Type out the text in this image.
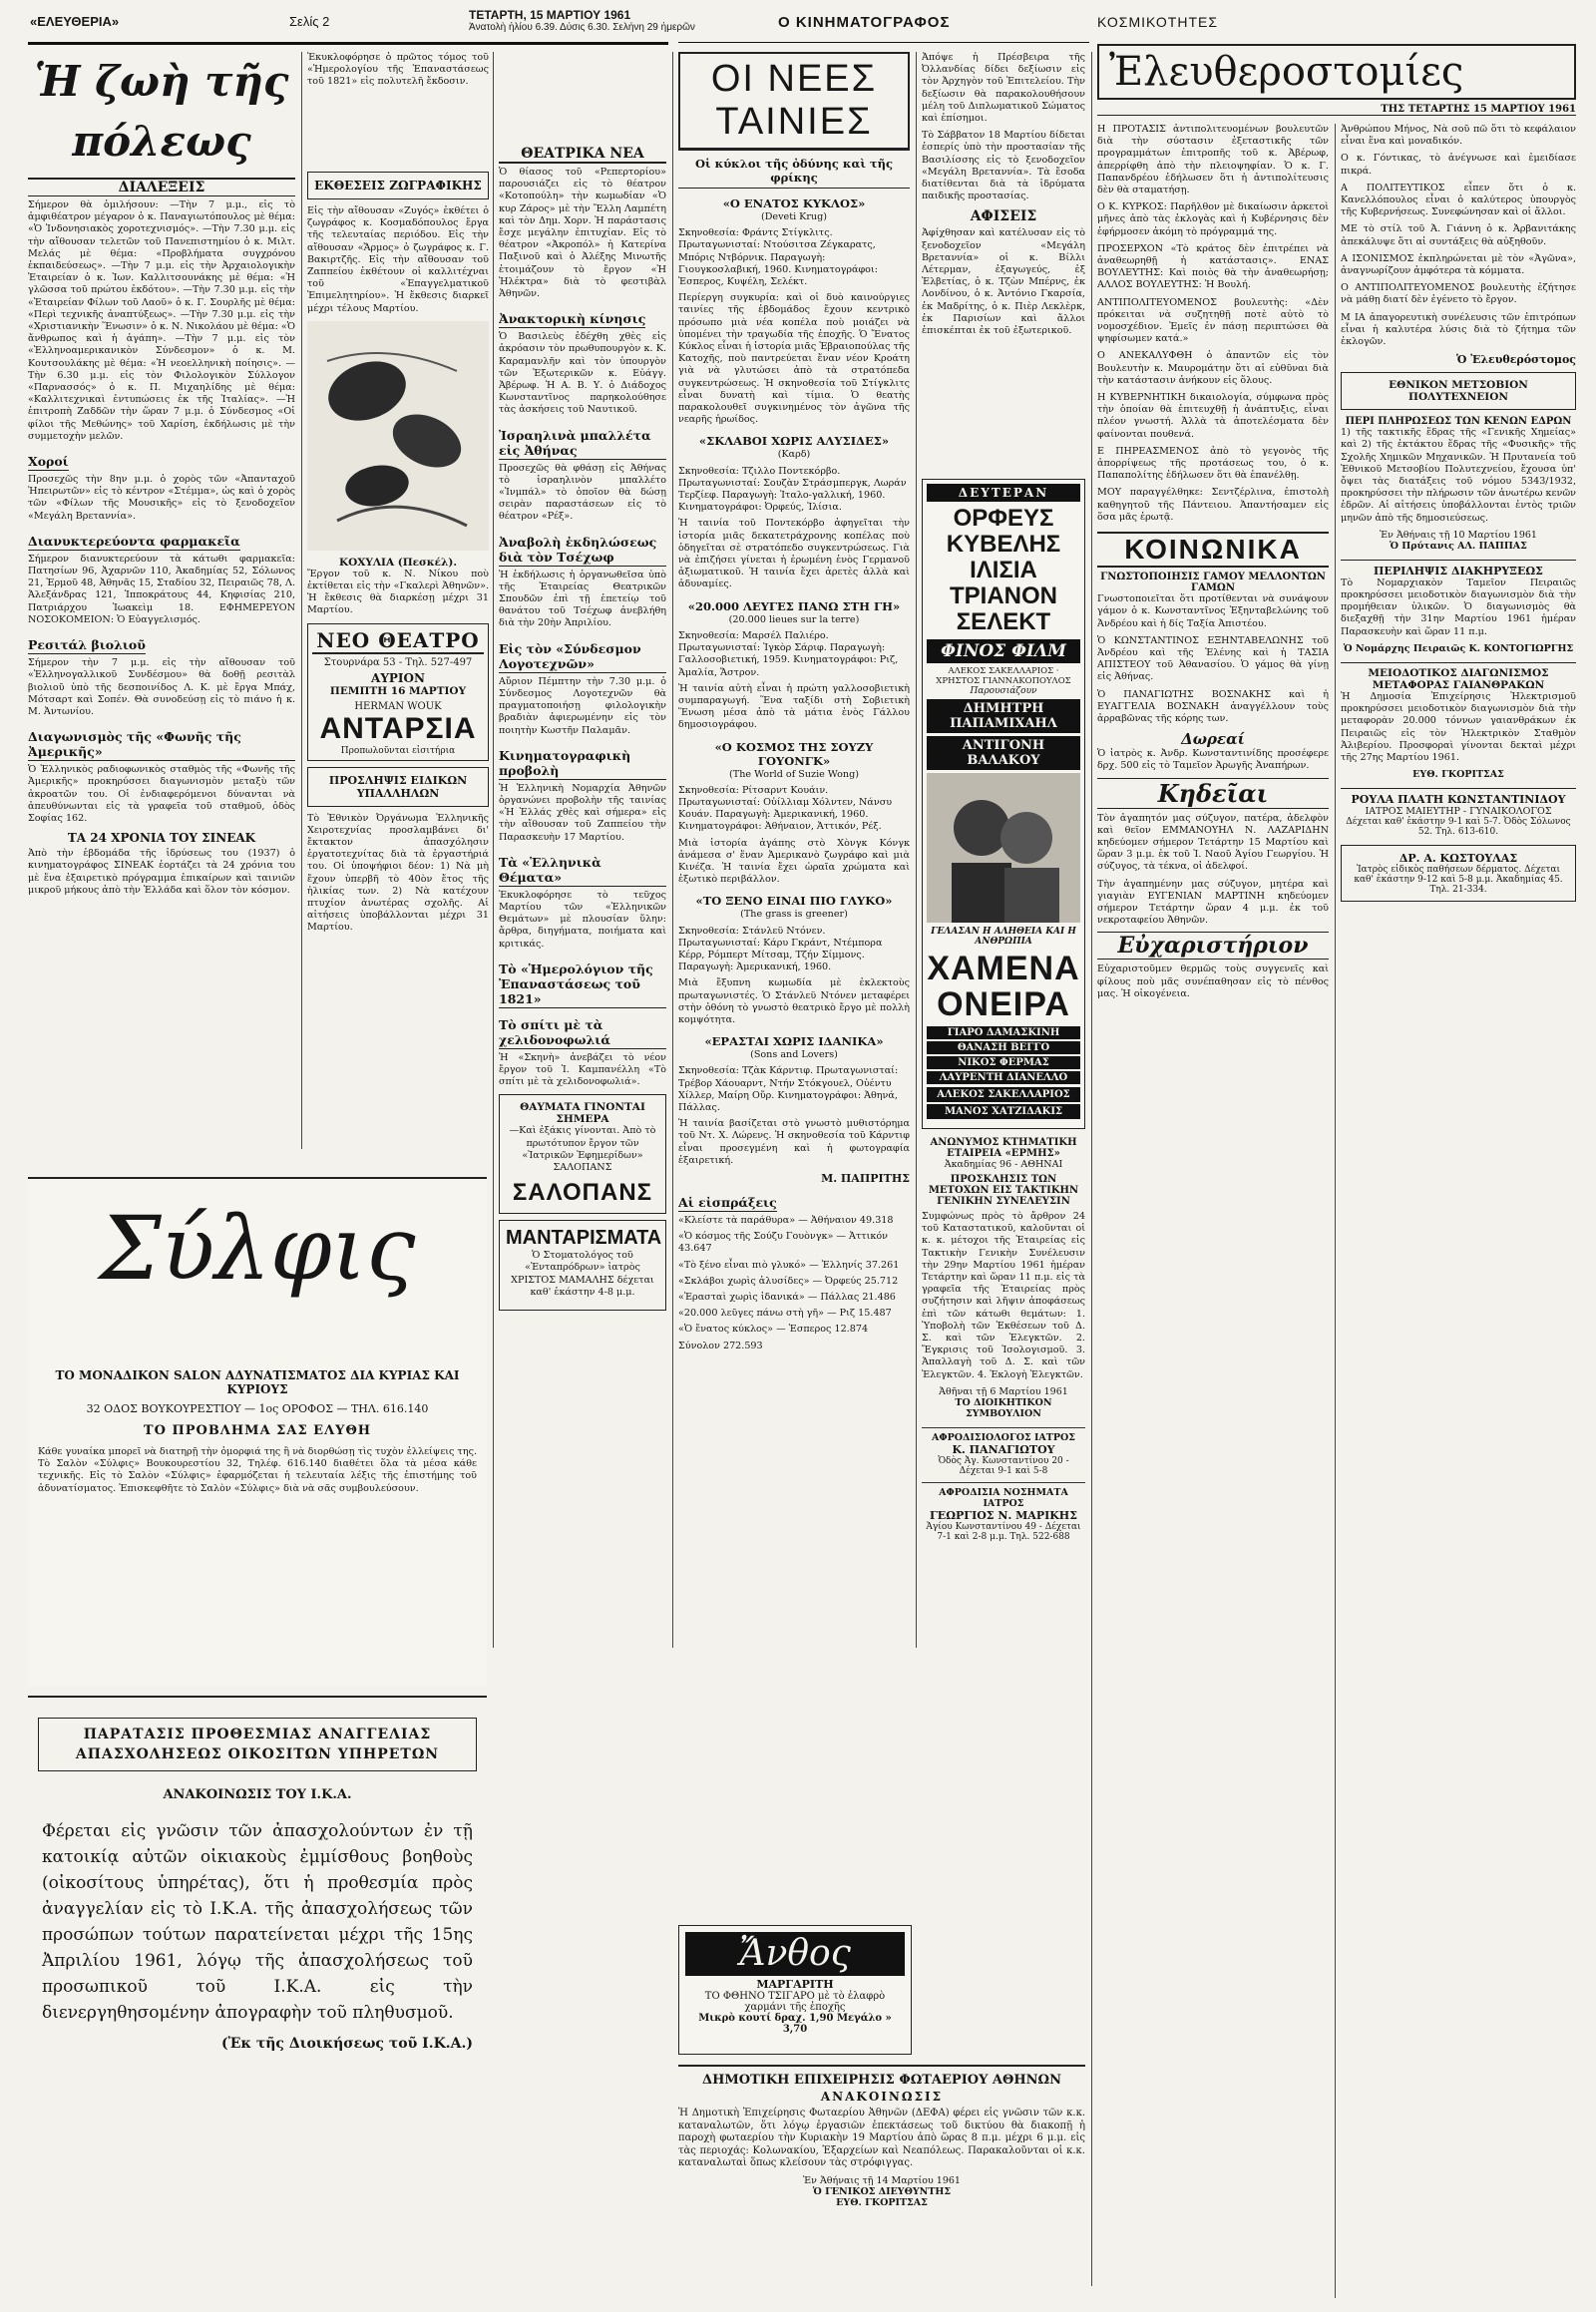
«ΕΛΕΥΘΕΡΙΑ»	Σελίς 2	ΤΕΤΑΡΤΗ, 15 ΜΑΡΤΙΟΥ 1961
Ἀνατολὴ ἡλίου 6.39. Δύσις 6.30. Σελήνη 29 ἡμερῶν	Ο ΚΙΝΗΜΑΤΟΓΡΑΦΟΣ	ΚΟΣΜΙΚΟΤΗΤΕΣ
Ἡ ζωὴ τῆς πόλεως
ΔΙΑΛΕΞΕΙΣ

Σήμερον θὰ ὁμιλήσουν: —Τὴν 7 μ.μ., εἰς τὸ ἀμφιθέατρον μέγαρον ὁ κ. Παναγιωτόπουλος μὲ θέμα: «Ὁ Ἰνδονησιακὸς χοροτεχνισμός». —Τὴν 7.30 μ.μ. εἰς τὴν αἴθουσαν τελετῶν τοῦ Πανεπιστημίου ὁ κ. Μιλτ. Μελάς μὲ θέμα: «Προβλήματα συγχρόνου ἐκπαιδεύσεως». —Τὴν 7 μ.μ. εἰς τὴν Ἀρχαιολογικὴν Ἑταιρείαν ὁ κ. Ἰων. Καλλιτσουνάκης μὲ θέμα: «Ἡ γλῶσσα τοῦ πρώτου ἐκδότου». —Τὴν 7.30 μ.μ. εἰς τὴν «Ἑταιρείαν Φίλων τοῦ Λαοῦ» ὁ κ. Γ. Σουρλῆς μὲ θέμα: «Περὶ τεχνικῆς ἀναπτύξεως». —Τὴν 7.30 μ.μ. εἰς τὴν «Χριστιανικὴν Ἕνωσιν» ὁ κ. Ν. Νικολάου μὲ θέμα: «Ὁ ἄνθρωπος καὶ ἡ ἀγάπη». —Τὴν 7 μ.μ. εἰς τὸν «Ἑλληνοαμερικανικὸν Σύνδεσμον» ὁ κ. Μ. Κουτσουλάκης μὲ θέμα: «Ἡ νεοελληνικὴ ποίησις». —Τὴν 6.30 μ.μ. εἰς τὸν Φιλολογικὸν Σύλλογον «Παρνασσός» ὁ κ. Π. Μιχαηλίδης μὲ θέμα: «Καλλιτεχνικαὶ ἐντυπώσεις ἐκ τῆς Ἰταλίας». —Ἡ ἐπιτροπὴ Ζαδδῶν τὴν ὥραν 7 μ.μ. ὁ Σύνδεσμος «Οἱ φίλοι τῆς Μεθώνης» τοῦ Χαρίση, ἐκδήλωσις μὲ τὴν συμμετοχὴν μελῶν.

Χοροί

Προσεχῶς τὴν 8ην μ.μ. ὁ χορὸς τῶν «Ἀπανταχοῦ Ἠπειρωτῶν» εἰς τὸ κέντρον «Στέμμα», ὡς καὶ ὁ χορὸς τῶν «Φίλων τῆς Μουσικῆς» εἰς τὸ ξενοδοχεῖον «Μεγάλη Βρεταννία».

Διανυκτερεύοντα φαρμακεῖα

Σήμερον διανυκτερεύουν τὰ κάτωθι φαρμακεῖα: Πατησίων 96, Ἀχαρνῶν 110, Ἀκαδημίας 52, Σόλωνος 21, Ἑρμοῦ 48, Ἀθηνᾶς 15, Σταδίου 32, Πειραιῶς 78, Λ. Ἀλεξάνδρας 121, Ἰπποκράτους 44, Κηφισίας 210, Πατριάρχου Ἰωακεὶμ 18. ΕΦΗΜΕΡΕΥΟΝ ΝΟΣΟΚΟΜΕΙΟΝ: Ὁ Εὐαγγελισμός.

Ρεσιτάλ βιολιοῦ

Σήμερον τὴν 7 μ.μ. εἰς τὴν αἴθουσαν τοῦ «Ἑλληνογαλλικοῦ Συνδέσμου» θὰ δοθῇ ρεσιτὰλ βιολιοῦ ὑπὸ τῆς δεσποινίδος Λ. Κ. μὲ ἔργα Μπάχ, Μότσαρτ καὶ Σοπέν. Θὰ συνοδεύσῃ εἰς τὸ πιάνο ἡ κ. Μ. Ἀντωνίου.

Διαγωνισμὸς τῆς «Φωνῆς τῆς Ἀμερικῆς»

Ὁ Ἑλληνικὸς ραδιοφωνικὸς σταθμὸς τῆς «Φωνῆς τῆς Ἀμερικῆς» προκηρύσσει διαγωνισμὸν μεταξὺ τῶν ἀκροατῶν του. Οἱ ἐνδιαφερόμενοι δύνανται νὰ ἀπευθύνωνται εἰς τὰ γραφεῖα τοῦ σταθμοῦ, ὁδὸς Σοφίας 162.

ΤΑ 24 ΧΡΟΝΙΑ ΤΟΥ ΣΙΝΕΑΚ

Ἀπὸ τὴν ἑβδομάδα τῆς ἱδρύσεως του (1937) ὁ κινηματογράφος ΣΙΝΕΑΚ ἑορτάζει τὰ 24 χρόνια του μὲ ἕνα ἐξαιρετικὸ πρόγραμμα ἐπικαίρων καὶ ταινιῶν μικροῦ μήκους ἀπὸ τὴν Ἑλλάδα καὶ ὅλον τὸν κόσμον.

ΕΚΘΕΣΕΙΣ ΖΩΓΡΑΦΙΚΗΣ

Εἰς τὴν αἴθουσαν «Ζυγός» ἐκθέτει ὁ ζωγράφος κ. Κοσμαδόπουλος ἔργα τῆς τελευταίας περιόδου. Εἰς τὴν αἴθουσαν «Ἄρμος» ὁ ζωγράφος κ. Γ. Βακιρτζῆς. Εἰς τὴν αἴθουσαν τοῦ Ζαππείου ἐκθέτουν οἱ καλλιτέχναι τοῦ «Ἐπαγγελματικοῦ Ἐπιμελητηρίου». Ἡ ἔκθεσις διαρκεῖ μέχρι τέλους Μαρτίου.

ΚΟΧΥΛΙΑ (Πεσκέλ).

Ἔργον τοῦ κ. Ν. Νίκου ποὺ ἐκτίθεται εἰς τὴν «Γκαλερὶ Ἀθηνῶν». Ἡ ἔκθεσις θὰ διαρκέσῃ μέχρι 31 Μαρτίου.

ΝΕΟ ΘΕΑΤΡΟ
Στουρνάρα 53 - Τηλ. 527-497
ΑΥΡΙΟΝ
ΠΕΜΠΤΗ 16 ΜΑΡΤΙΟΥ
HERMAN WOUK
ΑΝΤΑΡΣΙΑ
Προπωλοῦνται εἰσιτήρια
ΠΡΟΣΛΗΨΙΣ ΕΙΔΙΚΩΝ ΥΠΑΛΛΗΛΩΝ

Τὸ Ἐθνικὸν Ὀργάνωμα Ἑλληνικῆς Χειροτεχνίας προσλαμβάνει δι' ἔκτακτον ἀπασχόλησιν ἐργατοτεχνίτας διὰ τὰ ἐργαστήριά του. Οἱ ὑποψήφιοι δέον: 1) Νὰ μὴ ἔχουν ὑπερβῆ τὸ 40ὸν ἔτος τῆς ἡλικίας των. 2) Νὰ κατέχουν πτυχίον ἀνωτέρας σχολῆς. Αἱ αἰτήσεις ὑποβάλλονται μέχρι 31 Μαρτίου.

Ἐκυκλοφόρησε ὁ πρῶτος τόμος τοῦ «Ἡμερολογίου τῆς Ἐπαναστάσεως τοῦ 1821» εἰς πολυτελῆ ἔκδοσιν.

ΘΕΑΤΡΙΚΑ ΝΕΑ

Ὁ θίασος τοῦ «Ρεπερτορίου» παρουσιάζει εἰς τὸ θέατρον «Κοτοπούλη» τὴν κωμωδίαν «Ὁ κυρ Ζάρος» μὲ τὴν Ἔλλη Λαμπέτη καὶ τὸν Δημ. Χορν. Ἡ παράστασις ἔσχε μεγάλην ἐπιτυχίαν. Εἰς τὸ θέατρον «Ἀκροπόλ» ἡ Κατερίνα Παξινοῦ καὶ ὁ Ἀλέξης Μινωτῆς ἑτοιμάζουν τὸ ἔργον «Ἡ Ἡλέκτρα» διὰ τὸ φεστιβὰλ Ἀθηνῶν.

Ἀνακτορικὴ κίνησις

Ὁ Βασιλεὺς ἐδέχθη χθὲς εἰς ἀκρόασιν τὸν πρωθυπουργὸν κ. Κ. Καραμανλῆν καὶ τὸν ὑπουργὸν τῶν Ἐξωτερικῶν κ. Εὐάγγ. Ἀβέρωφ. Ἡ Α. Β. Υ. ὁ Διάδοχος Κωνσταντῖνος παρηκολούθησε τὰς ἀσκήσεις τοῦ Ναυτικοῦ.

Ἰσραηλινὰ μπαλλέτα εἰς Ἀθήνας

Προσεχῶς θὰ φθάσῃ εἰς Ἀθήνας τὸ ἰσραηλινὸν μπαλλέτο «Ἰνμπάλ» τὸ ὁποῖον θὰ δώσῃ σειρὰν παραστάσεων εἰς τὸ θέατρον «Ρέξ».

Ἀναβολὴ ἐκδηλώσεως διὰ τὸν Τσέχωφ

Ἡ ἐκδήλωσις ἡ ὀργανωθεῖσα ὑπὸ τῆς Ἑταιρείας Θεατρικῶν Σπουδῶν ἐπὶ τῇ ἐπετείῳ τοῦ θανάτου τοῦ Τσέχωφ ἀνεβλήθη διὰ τὴν 20ὴν Ἀπριλίου.

Εἰς τὸν «Σύνδεσμον Λογοτεχνῶν»

Αὔριον Πέμπτην τὴν 7.30 μ.μ. ὁ Σύνδεσμος Λογοτεχνῶν θὰ πραγματοποιήσῃ φιλολογικὴν βραδιὰν ἀφιερωμένην εἰς τὸν ποιητὴν Κωστῆν Παλαμᾶν.

Κινηματογραφικὴ προβολὴ

Ἡ Ἑλληνικὴ Νομαρχία Ἀθηνῶν ὀργανώνει προβολὴν τῆς ταινίας «Ἡ Ἐλλάς χθὲς καὶ σήμερα» εἰς τὴν αἴθουσαν τοῦ Ζαππείου τὴν Παρασκευὴν 17 Μαρτίου.

Τὰ «Ἑλληνικὰ Θέματα»

Ἐκυκλοφόρησε τὸ τεῦχος Μαρτίου τῶν «Ἑλληνικῶν Θεμάτων» μὲ πλουσίαν ὕλην: ἄρθρα, διηγήματα, ποιήματα καὶ κριτικάς.

Τὸ «Ἡμερολόγιον τῆς Ἐπαναστάσεως τοῦ 1821» Τὸ σπίτι μὲ τὰ χελιδονοφωλιά

Ἡ «Σκηνὴ» ἀνεβάζει τὸ νέον ἔργον τοῦ Ἰ. Καμπανέλλη «Τὸ σπίτι μὲ τὰ χελιδονοφωλιά».

ΘΑΥΜΑΤΑ ΓΙΝΟΝΤΑΙ ΣΗΜΕΡΑ

—Καὶ ἐξάκις γίνονται. Ἀπὸ τὸ πρωτότυπον ἔργον τῶν «Ἰατρικῶν Ἐφημερίδων» ΣΑΛΟΠΑΝΣ

ΣΑΛΟΠΑΝΣ
ΜΑΝΤΑΡΙΣΜΑΤΑ

Ὁ Στοματολόγος τοῦ «Ἐνταπρόδρων» ἰατρὸς ΧΡΙΣΤΟΣ ΜΑΜΑΛΗΣ δέχεται καθ' ἑκάστην 4-8 μ.μ.

ΟΙ ΝΕΕΣ ΤΑΙΝΙΕΣ
Οἱ κύκλοι τῆς ὀδύνης καὶ τῆς φρίκης
«Ο ΕΝΑΤΟΣ ΚΥΚΛΟΣ»
(Deveti Krug)

Σκηνοθεσία: Φράντς Στίγκλιτς. Πρωταγωνισταί: Ντούσιτσα Ζέγκαρατς, Μπόρις Ντβόρνικ. Παραγωγὴ: Γιουγκοσλαβική, 1960. Κινηματογράφοι: Ἑσπερος, Κυψέλη, Σελέκτ.

Περίεργη συγκυρία: καὶ οἱ δυὸ καινούργιες ταινίες τῆς ἑβδομάδος ἔχουν κεντρικὸ πρόσωπο μιὰ νέα κοπέλα ποὺ μοιάζει νὰ ὑπομένει τὴν τραγωδία τῆς ἐποχῆς. Ὁ Ἔνατος Κύκλος εἶναι ἡ ἱστορία μιᾶς Ἑβραιοπούλας τῆς Κατοχῆς, ποὺ παντρεύεται ἕναν νέον Κροάτη γιὰ νὰ γλυτώσει ἀπὸ τὰ στρατόπεδα συγκεντρώσεως. Ἡ σκηνοθεσία τοῦ Στίγκλιτς εἶναι δυνατὴ καὶ τίμια. Ὁ θεατὴς παρακολουθεῖ συγκινημένος τὸν ἀγῶνα τῆς νεαρῆς ἡρωίδος.

«ΣΚΛΑΒΟΙ ΧΩΡΙΣ ΑΛΥΣΙΔΕΣ»
(Καρδ)

Σκηνοθεσία: Τζιλλο Ποντεκόρβο. Πρωταγωνισταί: Σουζὰν Στράσμπεργκ, Λωράν Τερζίεφ. Παραγωγὴ: Ἰταλο-γαλλική, 1960. Κινηματογράφοι: Ὀρφεύς, Ἰλίσια.

Ἡ ταινία τοῦ Ποντεκόρβο ἀφηγεῖται τὴν ἱστορία μιᾶς δεκατετράχρονης κοπέλας ποὺ ὁδηγεῖται σὲ στρατόπεδο συγκεντρώσεως. Γιὰ νὰ ἐπιζήσει γίνεται ἡ ἐρωμένη ἑνὸς Γερμανοῦ ἀξιωματικοῦ. Ἡ ταινία ἔχει ἀρετὲς ἀλλὰ καὶ ἀδυναμίες.

«20.000 ΛΕΥΓΕΣ ΠΑΝΩ ΣΤΗ ΓΗ»
(20.000 lieues sur la terre)

Σκηνοθεσία: Μαρσέλ Παλιέρο. Πρωταγωνισταί: Ἰγκὸρ Σάριφ. Παραγωγὴ: Γαλλοσοβιετική, 1959. Κινηματογράφοι: Ριζ, Ἀμαλία, Ἄστρον.

Ἡ ταινία αὐτὴ εἶναι ἡ πρώτη γαλλοσοβιετικὴ συμπαραγωγή. Ἕνα ταξίδι στὴ Σοβιετικὴ Ἕνωση μέσα ἀπὸ τὰ μάτια ἑνὸς Γάλλου δημοσιογράφου.

«Ο ΚΟΣΜΟΣ ΤΗΣ ΣΟΥΖΥ ΓΟΥΟΝΓΚ»
(The World of Suzie Wong)

Σκηνοθεσία: Ρίτσαρντ Κουάιν. Πρωταγωνισταί: Οὐίλλιαμ Χόλντεν, Νάνσυ Κουάν. Παραγωγὴ: Ἀμερικανική, 1960. Κινηματογράφοι: Ἀθήναιον, Ἀττικόν, Ρέξ.

Μιὰ ἱστορία ἀγάπης στὸ Χὸνγκ Κόνγκ ἀνάμεσα σ' ἕναν Ἀμερικανὸ ζωγράφο καὶ μιὰ Κινέζα. Ἡ ταινία ἔχει ὡραῖα χρώματα καὶ ἐξωτικὸ περιβάλλον.

«ΤΟ ΞΕΝΟ ΕΙΝΑΙ ΠΙΟ ΓΛΥΚΟ»
(The grass is greener)

Σκηνοθεσία: Στάνλεϋ Ντόνεν. Πρωταγωνισταί: Κάρυ Γκράντ, Ντέμπορα Κέρρ, Ρόμπερτ Μίτσαμ, Τζήν Σίμμονς. Παραγωγὴ: Ἀμερικανική, 1960.

Μιὰ ἔξυπνη κωμωδία μὲ ἐκλεκτοὺς πρωταγωνιστές. Ὁ Στάνλεϋ Ντόνεν μεταφέρει στὴν ὀθόνη τὸ γνωστὸ θεατρικὸ ἔργο μὲ πολλὴ κομψότητα.

«ΕΡΑΣΤΑΙ ΧΩΡΙΣ ΙΔΑΝΙΚΑ»
(Sons and Lovers)

Σκηνοθεσία: Τζὰκ Κάρντιφ. Πρωταγωνισταί: Τρέβορ Χάουαρντ, Ντήν Στόκγουελ, Οὐέντυ Χίλλερ, Μαίρη Οὔρ. Κινηματογράφοι: Ἀθηνά, Πάλλας.

Ἡ ταινία βασίζεται στὸ γνωστὸ μυθιστόρημα τοῦ Ντ. Χ. Λώρενς. Ἡ σκηνοθεσία τοῦ Κάρντιφ εἶναι προσεγμένη καὶ ἡ φωτογραφία ἐξαιρετική.

Μ. ΠΑΠΡΙΤΗΣ
Αἱ εἰσπράξεις
«Κλείστε τὰ παράθυρα» — Ἀθήναιον 49.318
«Ὁ κόσμος τῆς Σούζυ Γουὸνγκ» — Ἀττικόν 43.647
«Τὸ ξένο εἶναι πιὸ γλυκό» — Ἑλληνίς 37.261
«Σκλάβοι χωρὶς ἁλυσίδες» — Ὀρφεύς 25.712
«Ἐρασταὶ χωρὶς ἰδανικά» — Πάλλας 21.486
«20.000 λεῦγες πάνω στὴ γῆ» — Ριζ 15.487
«Ὁ ἔνατος κύκλος» — Ἑσπερος 12.874
Σύνολον 272.593

Ἀπόψε ἡ Πρέσβειρα τῆς Ὀλλανδίας δίδει δεξίωσιν εἰς τὸν Ἀρχηγὸν τοῦ Ἐπιτελείου. Τὴν δεξίωσιν θὰ παρακολουθήσουν μέλη τοῦ Διπλωματικοῦ Σώματος καὶ ἐπίσημοι.

Τὸ Σάββατον 18 Μαρτίου δίδεται ἐσπερίς ὑπὸ τὴν προστασίαν τῆς Βασιλίσσης εἰς τὸ ξενοδοχεῖον «Μεγάλη Βρεταννία». Τὰ ἔσοδα διατίθενται διὰ τὰ ἱδρύματα παιδικῆς προστασίας.

ΑΦΙΣΕΙΣ

Ἀφίχθησαν καὶ κατέλυσαν εἰς τὸ ξενοδοχεῖον «Μεγάλη Βρεταννία» οἱ κ. Βίλλι Λέτερμαν, ἐξαγωγεύς, ἐξ Ἑλβετίας, ὁ κ. Τζὼν Μπέρνς, ἐκ Λονδίνου, ὁ κ. Ἀντόνιο Γκαρσία, ἐκ Μαδρίτης, ὁ κ. Πιὲρ Λεκλὲρκ, ἐκ Παρισίων καὶ ἄλλοι ἐπισκέπται ἐκ τοῦ ἐξωτερικοῦ.

ΔΕΥΤΕΡΑΝ
ΟΡΦΕΥΣ ΚΥΒΕΛΗΣ ΙΛΙΣΙΑ ΤΡΙΑΝΟΝ ΣΕΛΕΚΤ
ΦΙΝΟΣ ΦΙΛΜ
ΑΛΕΚΟΣ ΣΑΚΕΛΛΑΡΙΟΣ · ΧΡΗΣΤΟΣ ΓΙΑΝΝΑΚΟΠΟΥΛΟΣ
Παρουσιάζουν
ΔΗΜΗΤΡΗ ΠΑΠΑΜΙΧΑΗΛ
ΑΝΤΙΓΟΝΗ ΒΑΛΑΚΟΥ
ΓΕΛΑΣΑΝ Η ΑΛΗΘΕΙΑ ΚΑΙ Η ΑΝΘΡΩΠΙΑ
ΧΑΜΕΝΑ ΟΝΕΙΡΑ
ΓΙΑΡΟ ΔΑΜΑΣΚΙΝΗ
ΘΑΝΑΣΗ ΒΕΓΓΟ
ΝΙΚΟΣ ΦΕΡΜΑΣ
ΛΑΥΡΕΝΤΗ ΔΙΑΝΕΛΛΟ
ΑΛΕΚΟΣ ΣΑΚΕΛΛΑΡΙΟΣ
ΜΑΝΟΣ ΧΑΤΖΙΔΑΚΙΣ
ΑΝΩΝΥΜΟΣ ΚΤΗΜΑΤΙΚΗ ΕΤΑΙΡΕΙΑ «ΕΡΜΗΣ»
Ἀκαδημίας 96 - ΑΘΗΝΑΙ
ΠΡΟΣΚΛΗΣΙΣ ΤΩΝ ΜΕΤΟΧΩΝ ΕΙΣ ΤΑΚΤΙΚΗΝ ΓΕΝΙΚΗΝ ΣΥΝΕΛΕΥΣΙΝ

Συμφώνως πρὸς τὸ ἄρθρον 24 τοῦ Καταστατικοῦ, καλοῦνται οἱ κ. κ. μέτοχοι τῆς Ἑταιρείας εἰς Τακτικὴν Γενικὴν Συνέλευσιν τὴν 29ην Μαρτίου 1961 ἡμέραν Τετάρτην καὶ ὥραν 11 π.μ. εἰς τὰ γραφεῖα τῆς Ἑταιρείας πρὸς συζήτησιν καὶ λῆψιν ἀποφάσεως ἐπὶ τῶν κάτωθι θεμάτων: 1. Ὑποβολὴ τῶν Ἐκθέσεων τοῦ Δ. Σ. καὶ τῶν Ἐλεγκτῶν. 2. Ἔγκρισις τοῦ Ἰσολογισμοῦ. 3. Ἀπαλλαγὴ τοῦ Δ. Σ. καὶ τῶν Ἐλεγκτῶν. 4. Ἐκλογὴ Ἐλεγκτῶν.

Ἀθῆναι τῇ 6 Μαρτίου 1961
ΤΟ ΔΙΟΙΚΗΤΙΚΟΝ ΣΥΜΒΟΥΛΙΟΝ
ΑΦΡΟΔΙΣΙΟΛΟΓΟΣ ΙΑΤΡΟΣ
Κ. ΠΑΝΑΓΙΩΤΟΥ
Ὁδὸς Ἀγ. Κωνσταντίνου 20 - Δέχεται 9-1 καὶ 5-8
ΑΦΡΟΔΙΣΙΑ ΝΟΣΗΜΑΤΑ ΙΑΤΡΟΣ
ΓΕΩΡΓΙΟΣ Ν. ΜΑΡΙΚΗΣ
Ἁγίου Κωνσταντίνου 49 - Δέχεται 7-1 καὶ 2-8 μ.μ. Τηλ. 522-688
Ἐλευθεροστομίες
ΤΗΣ ΤΕΤΑΡΤΗΣ 15 ΜΑΡΤΙΟΥ 1961

Η ΠΡΟΤΑΣΙΣ ἀντιπολιτευομένων βουλευτῶν διὰ τὴν σύστασιν ἐξεταστικῆς τῶν προγραμμάτων ἐπιτροπῆς τοῦ κ. Ἀβέρωφ, ἀπερρίφθη ἀπὸ τὴν πλειοψηφίαν. Ὁ κ. Γ. Παπανδρέου ἐδήλωσεν ὅτι ἡ ἀντιπολίτευσις δὲν θὰ σταματήσῃ.

Ο Κ. ΚΥΡΚΟΣ: Παρῆλθον μὲ δικαίωσιν ἀρκετοὶ μῆνες ἀπὸ τὰς ἐκλογὰς καὶ ἡ Κυβέρνησις δὲν ἐφήρμοσεν ἀκόμη τὸ πρόγραμμά της.

ΠΡΟΣΕΡΧΟΝ «Τὸ κράτος δὲν ἐπιτρέπει νὰ ἀναθεωρηθῇ ἡ κατάστασις». ΕΝΑΣ ΒΟΥΛΕΥΤΗΣ: Καὶ ποιὸς θὰ τὴν ἀναθεωρήσῃ; ΑΛΛΟΣ ΒΟΥΛΕΥΤΗΣ: Ἡ Βουλή.

ΑΝΤΙΠΟΛΙΤΕΥΟΜΕΝΟΣ βουλευτὴς: «Δὲν πρόκειται νὰ συζητηθῇ ποτὲ αὐτὸ τὸ νομοσχέδιον. Ἐμεῖς ἐν πάσῃ περιπτώσει θὰ ψηφίσωμεν κατά.»

Ο ΑΝΕΚΑΛΥΦΘΗ ὁ ἀπαντῶν εἰς τὸν Βουλευτὴν κ. Μαυρομάτην ὅτι αἱ εὐθῦναι διὰ τὴν κατάστασιν ἀνήκουν εἰς ὅλους.

Η ΚΥΒΕΡΝΗΤΙΚΗ δικαιολογία, σύμφωνα πρὸς τὴν ὁποίαν θὰ ἐπιτευχθῇ ἡ ἀνάπτυξις, εἶναι πλέον γνωστή. Ἀλλὰ τὰ ἀποτελέσματα δὲν φαίνονται πουθενά.

Ε ΠΗΡΕΑΣΜΕΝΟΣ ἀπὸ τὸ γεγονὸς τῆς ἀπορρίψεως τῆς προτάσεως του, ὁ κ. Παπαπολίτης ἐδήλωσεν ὅτι θὰ ἐπανέλθῃ.

ΜΟΥ παραγγέλθηκε: Σεντζέρλινα, ἐπιστολὴ καθηγητοῦ τῆς Πάντειου. Ἀπαντήσαμεν εἰς ὅσα μᾶς ἐρωτᾷ.

ΚΟΙΝΩΝΙΚΑ
ΓΝΩΣΤΟΠΟΙΗΣΙΣ ΓΑΜΟΥ ΜΕΛΛΟΝΤΩΝ ΓΑΜΩΝ

Γνωστοποιεῖται ὅτι προτίθενται νὰ συνάψουν γάμον ὁ κ. Κωνσταντῖνος Ἐξηνταβελώνης τοῦ Ἀνδρέου καὶ ἡ δίς Ταξία Ἀπιστέου.

Ὁ ΚΩΝΣΤΑΝΤΙΝΟΣ ΕΞΗΝΤΑΒΕΛΩΝΗΣ τοῦ Ἀνδρέου καὶ τῆς Ἑλένης καὶ ἡ ΤΑΣΙΑ ΑΠΙΣΤΕΟΥ τοῦ Ἀθανασίου. Ὁ γάμος θὰ γίνῃ εἰς Ἀθήνας.

Ὁ ΠΑΝΑΓΙΩΤΗΣ ΒΟΣΝΑΚΗΣ καὶ ἡ ΕΥΑΓΓΕΛΙΑ ΒΟΣΝΑΚΗ ἀναγγέλλουν τοὺς ἀρραβῶνας τῆς κόρης των.

Δωρεαί

Ὁ ἰατρὸς κ. Ἀνδρ. Κωνσταντινίδης προσέφερε δρχ. 500 εἰς τὸ Ταμεῖον Ἀρωγῆς Ἀναπήρων.

Κηδεῖαι

Τὸν ἀγαπητόν μας σύζυγον, πατέρα, ἀδελφὸν καὶ θεῖον ΕΜΜΑΝΟΥΗΛ Ν. ΛΑΖΑΡΙΔΗΝ κηδεύομεν σήμερον Τετάρτην 15 Μαρτίου καὶ ὥραν 3 μ.μ. ἐκ τοῦ Ἱ. Ναοῦ Ἁγίου Γεωργίου. Ἡ σύζυγος, τὰ τέκνα, οἱ ἀδελφοί.

Τὴν ἀγαπημένην μας σύζυγον, μητέρα καὶ γιαγιὰν ΕΥΓΕΝΙΑΝ ΜΑΡΤΙΝΗ κηδεύομεν σήμερον Τετάρτην ὥραν 4 μ.μ. ἐκ τοῦ νεκροταφείου Ἀθηνῶν.

Εὐχαριστήριον

Εὐχαριστοῦμεν θερμῶς τοὺς συγγενεῖς καὶ φίλους ποὺ μᾶς συνέπαθησαν εἰς τὸ πένθος μας. Ἡ οἰκογένεια.

Ἀνθρώπου Μήνος, Νὰ σοῦ πῶ ὅτι τὸ κεφάλαιον εἶναι ἕνα καὶ μοναδικόν.

Ο κ. Γόντικας, τὸ ἀνέγνωσε καὶ ἐμειδίασε πικρά.

Α ΠΟΛΙΤΕΥΤΙΚΟΣ εἶπεν ὅτι ὁ κ. Κανελλόπουλος εἶναι ὁ καλύτερος ὑπουργὸς τῆς Κυβερνήσεως. Συνεφώνησαν καὶ οἱ ἄλλοι.

ΜΕ τὸ στίλ τοῦ Ἀ. Γιάννη ὁ κ. Ἀρβανιτάκης ἀπεκάλυψε ὅτι αἱ συντάξεις θὰ αὐξηθοῦν.

Α ΙΣΟΝΙΣΜΟΣ ἐκπληρώνεται μὲ τὸν «Ἀγῶνα», ἀναγνωρίζουν ἀμφότερα τὰ κόμματα.

Ο ΑΝΤΙΠΟΛΙΤΕΥΟΜΕΝΟΣ βουλευτὴς ἐζήτησε νὰ μάθῃ διατί δὲν ἐγένετο τὸ ἔργον.

Μ ΙΑ ἀπαγορευτικὴ συνέλευσις τῶν ἐπιτρόπων εἶναι ἡ καλυτέρα λύσις διὰ τὸ ζήτημα τῶν ἐκλογῶν.

Ὁ Ἐλευθερόστομος
ΕΘΝΙΚΟΝ ΜΕΤΣΟΒΙΟΝ ΠΟΛΥΤΕΧΝΕΙΟΝ
ΠΕΡΙ ΠΛΗΡΩΣΕΩΣ ΤΩΝ ΚΕΝΩΝ ΕΔΡΩΝ

1) τῆς τακτικῆς ἕδρας τῆς «Γενικῆς Χημείας» καὶ 2) τῆς ἐκτάκτου ἕδρας τῆς «Φυσικῆς» τῆς Σχολῆς Χημικῶν Μηχανικῶν. Ἡ Πρυτανεία τοῦ Ἐθνικοῦ Μετσοβίου Πολυτεχνείου, ἔχουσα ὑπ' ὄψει τὰς διατάξεις τοῦ νόμου 5343/1932, προκηρύσσει τὴν πλήρωσιν τῶν ἀνωτέρω κενῶν ἑδρῶν. Αἱ αἰτήσεις ὑποβάλλονται ἐντὸς τριῶν μηνῶν ἀπὸ τῆς δημοσιεύσεως.

Ἐν Ἀθήναις τῇ 10 Μαρτίου 1961
Ὁ Πρύτανις ΑΛ. ΠΑΠΠΑΣ
ΠΕΡΙΛΗΨΙΣ ΔΙΑΚΗΡΥΞΕΩΣ

Τὸ Νομαρχιακὸν Ταμεῖον Πειραιῶς προκηρύσσει μειοδοτικὸν διαγωνισμὸν διὰ τὴν προμήθειαν ὑλικῶν. Ὁ διαγωνισμὸς θὰ διεξαχθῇ τὴν 31ην Μαρτίου 1961 ἡμέραν Παρασκευὴν καὶ ὥραν 11 π.μ.

Ὁ Νομάρχης Πειραιῶς Κ. ΚΟΝΤΟΓΙΩΡΓΗΣ
ΜΕΙΟΔΟΤΙΚΟΣ ΔΙΑΓΩΝΙΣΜΟΣ ΜΕΤΑΦΟΡΑΣ ΓΑΙΑΝΘΡΑΚΩΝ

Ἡ Δημοσία Ἐπιχείρησις Ἠλεκτρισμοῦ προκηρύσσει μειοδοτικὸν διαγωνισμὸν διὰ τὴν μεταφορὰν 20.000 τόννων γαιανθράκων ἐκ Πειραιῶς εἰς τὸν Ἠλεκτρικὸν Σταθμὸν Ἀλιβερίου. Προσφοραὶ γίνονται δεκταὶ μέχρι τῆς 27ης Μαρτίου 1961.

ΕΥΘ. ΓΚΟΡΙΤΣΑΣ
ΡΟΥΛΑ ΠΛΑΤΗ ΚΩΝΣΤΑΝΤΙΝΙΔΟΥ
ΙΑΤΡΟΣ ΜΑΙΕΥΤΗΡ - ΓΥΝΑΙΚΟΛΟΓΟΣ
Δέχεται καθ' ἑκάστην 9-1 καὶ 5-7. Ὁδὸς Σόλωνος 52. Τηλ. 613-610.
ΔΡ. Α. ΚΩΣΤΟΥΛΑΣ
Ἰατρὸς εἰδικὸς παθήσεων δέρματος. Δέχεται καθ' ἑκάστην 9-12 καὶ 5-8 μ.μ. Ἀκαδημίας 45. Τηλ. 21-334.
Σύλφις
ΤΟ ΜΟΝΑΔΙΚΟΝ SALON ΑΔΥΝΑΤΙΣΜΑΤΟΣ ΔΙΑ ΚΥΡΙΑΣ ΚΑΙ ΚΥΡΙΟΥΣ
32 ΟΔΟΣ ΒΟΥΚΟΥΡΕΣΤΙΟΥ — 1ος ΟΡΟΦΟΣ — ΤΗΛ. 616.140
ΤΟ ΠΡΟΒΛΗΜΑ ΣΑΣ ΕΛΥΘΗ

Κάθε γυναίκα μπορεῖ νὰ διατηρῇ τὴν ὀμορφιά της ἢ νὰ διορθώσῃ τὶς τυχὸν ἐλλείψεις της. Τὸ Σαλὸν «Σύλφις» Βουκουρεστίου 32, Τηλέφ. 616.140 διαθέτει ὅλα τὰ μέσα κάθε τεχνικῆς. Εἰς τὸ Σαλὸν «Σύλφις» ἐφαρμόζεται ἡ τελευταία λέξις τῆς ἐπιστήμης τοῦ ἀδυνατίσματος. Ἐπισκεφθῆτε τὸ Σαλὸν «Σύλφις» διὰ νὰ σᾶς συμβουλεύσουν.

ΠΑΡΑΤΑΣΙΣ ΠΡΟΘΕΣΜΙΑΣ ΑΝΑΓΓΕΛΙΑΣ ΑΠΑΣΧΟΛΗΣΕΩΣ ΟΙΚΟΣΙΤΩΝ ΥΠΗΡΕΤΩΝ
ΑΝΑΚΟΙΝΩΣΙΣ ΤΟΥ Ι.Κ.Α.

Φέρεται εἰς γνῶσιν τῶν ἀπασχολούντων ἐν τῇ κατοικίᾳ αὐτῶν οἰκιακοὺς ἐμμίσθους βοηθοὺς (οἰκοσίτους ὑπηρέτας), ὅτι ἡ προθεσμία πρὸς ἀναγγελίαν εἰς τὸ Ι.Κ.Α. τῆς ἀπασχολήσεως τῶν προσώπων τούτων παρατείνεται μέχρι τῆς 15ης Ἀπριλίου 1961, λόγῳ τῆς ἀπασχολήσεως τοῦ προσωπικοῦ τοῦ Ι.Κ.Α. εἰς τὴν διενεργηθησομένην ἀπογραφὴν τοῦ πληθυσμοῦ.

(Ἐκ τῆς Διοικήσεως τοῦ Ι.Κ.Α.)
Ἄνθος
ΜΑΡΓΑΡΙΤΗ
ΤΟ ΦΘΗΝΟ ΤΣΙΓΑΡΟ μὲ τὸ ἐλαφρὸ χαρμάνι τῆς ἐποχῆς
Μικρὸ κουτί δραχ. 1,90 Μεγάλο » 3,70
ΔΗΜΟΤΙΚΗ ΕΠΙΧΕΙΡΗΣΙΣ ΦΩΤΑΕΡΙΟΥ ΑΘΗΝΩΝ
ΑΝΑΚΟΙΝΩΣΙΣ

Ἡ Δημοτικὴ Ἐπιχείρησις Φωταερίου Ἀθηνῶν (ΔΕΦΑ) φέρει εἰς γνῶσιν τῶν κ.κ. καταναλωτῶν, ὅτι λόγῳ ἐργασιῶν ἐπεκτάσεως τοῦ δικτύου θὰ διακοπῇ ἡ παροχὴ φωταερίου τὴν Κυριακὴν 19 Μαρτίου ἀπὸ ὥρας 8 π.μ. μέχρι 6 μ.μ. εἰς τὰς περιοχάς: Κολωνακίου, Ἐξαρχείων καὶ Νεαπόλεως. Παρακαλοῦνται οἱ κ.κ. καταναλωταὶ ὅπως κλείσουν τὰς στρόφιγγας.

Ἐν Ἀθήναις τῇ 14 Μαρτίου 1961
Ὁ ΓΕΝΙΚΟΣ ΔΙΕΥΘΥΝΤΗΣ
ΕΥΘ. ΓΚΟΡΙΤΣΑΣ
